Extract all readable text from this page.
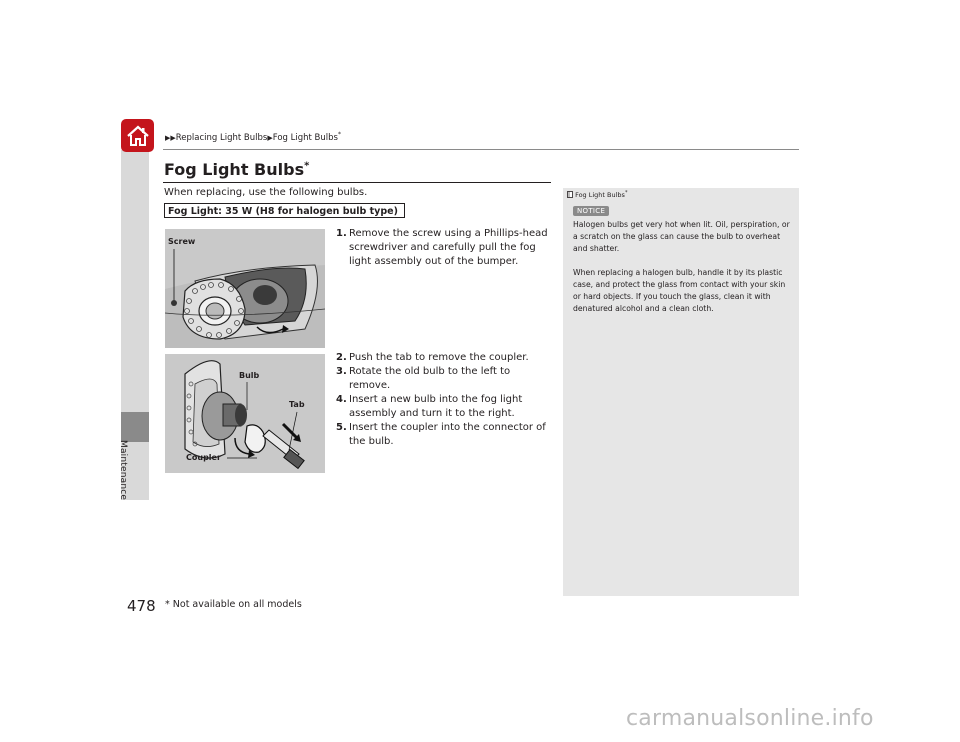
Maintenance
478
▶▶Replacing Light Bulbs▶Fog Light Bulbs*
Fog Light Bulbs*
When replacing, use the following bulbs.
Fog Light: 35 W (H8 for halogen bulb type)
Screw
Bulb
Tab
Coupler
1. Remove the screw using a Phillips-head screwdriver and carefully pull the fog light assembly out of the bumper.
2. Push the tab to remove the coupler.
3. Rotate the old bulb to the left to remove.
4. Insert a new bulb into the fog light assembly and turn it to the right.
5. Insert the coupler into the connector of the bulb.
Fog Light Bulbs*
NOTICE
Halogen bulbs get very hot when lit. Oil, perspiration, or a scratch on the glass can cause the bulb to overheat and shatter.
When replacing a halogen bulb, handle it by its plastic case, and protect the glass from contact with your skin or hard objects. If you touch the glass, clean it with denatured alcohol and a clean cloth.
* Not available on all models
carmanualsonline.info
